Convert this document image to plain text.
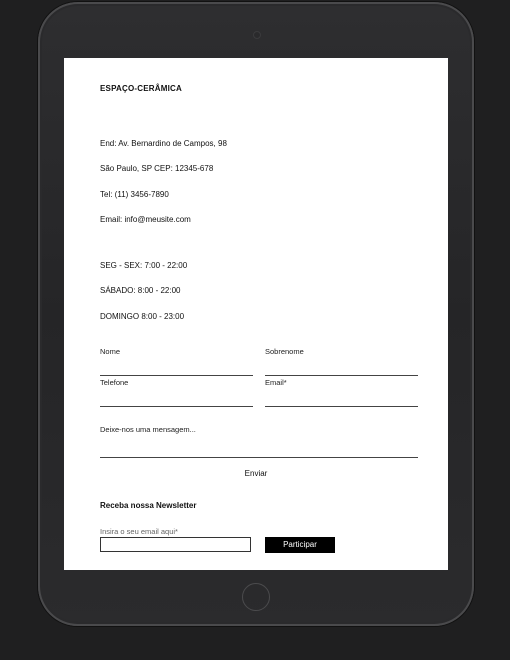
ESPAÇO-CERÂMICA
End: Av. Bernardino de Campos, 98
São Paulo, SP CEP: 12345-678
Tel: (11) 3456-7890
Email: info@meusite.com
SEG - SEX: 7:00 - 22:00
SÁBADO: 8:00 - 22:00
DOMINGO 8:00 - 23:00
Nome	Sobrenome
Telefone	Email*
Deixe-nos uma mensagem...
Enviar
Receba nossa Newsletter
Insira o seu email aqui*
Participar
